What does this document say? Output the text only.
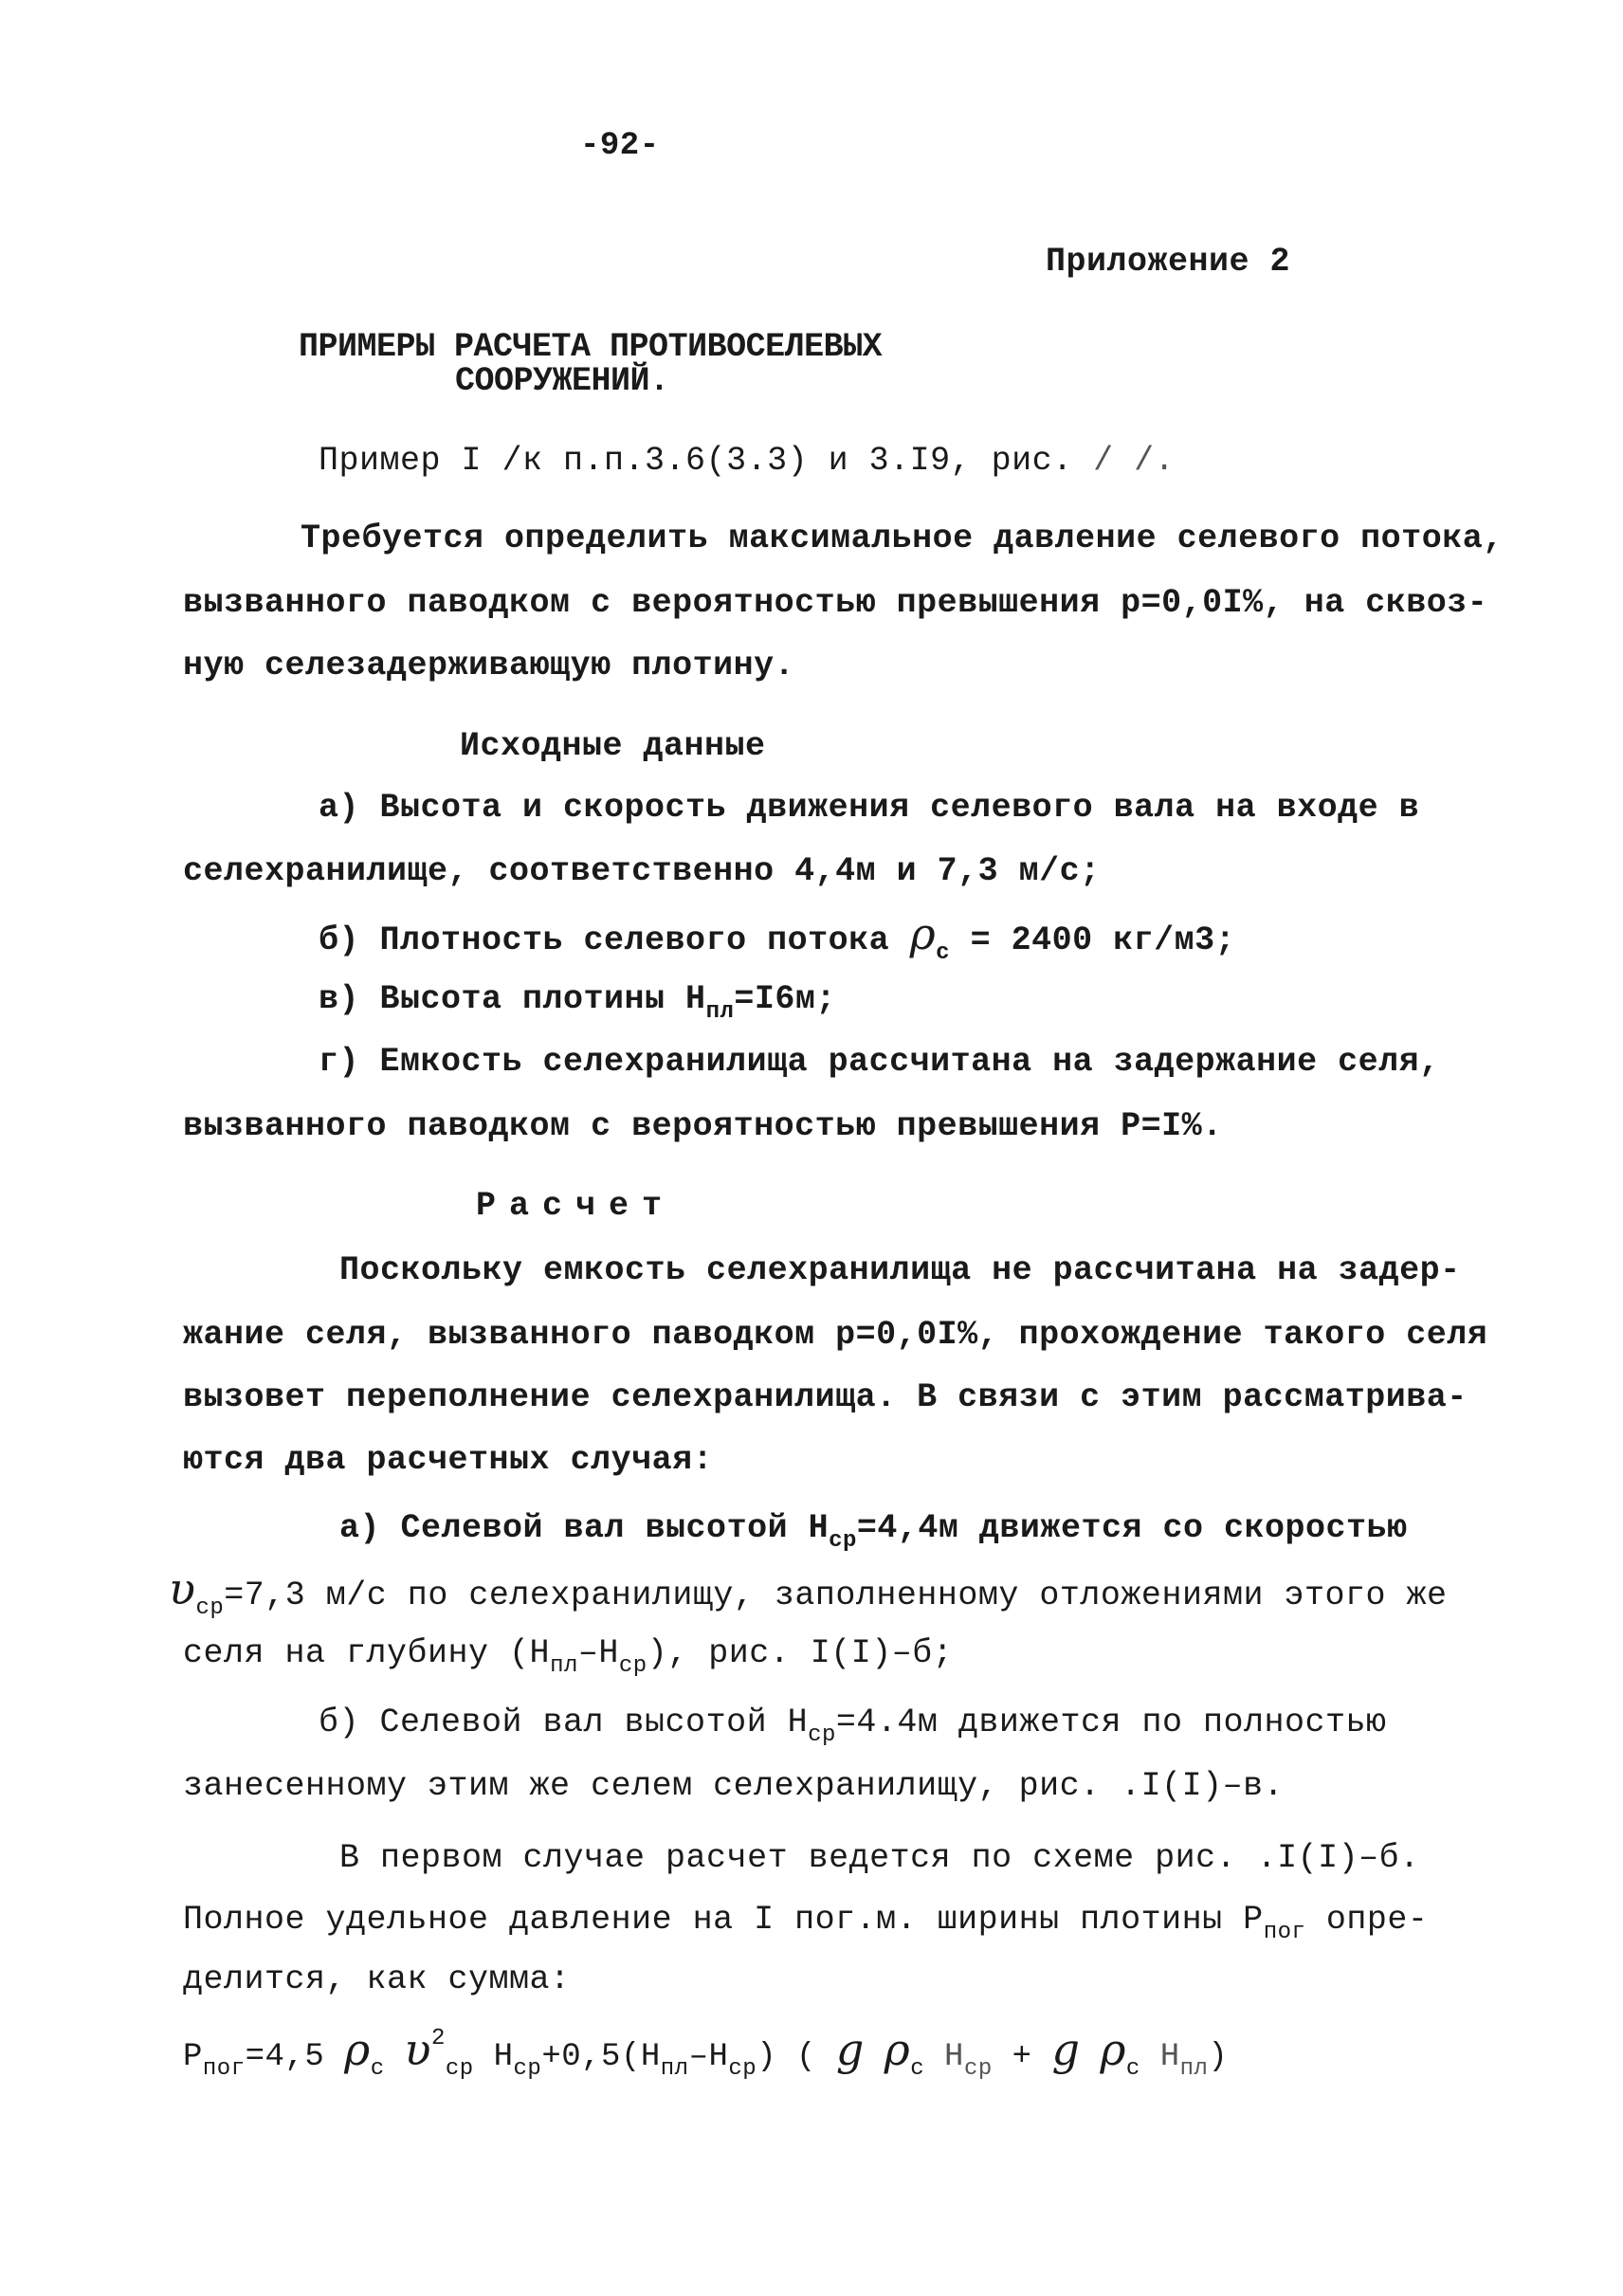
-92-
Приложение 2
ПРИМЕРЫ РАСЧЕТА ПРОТИВОСЕЛЕВЫХ
СООРУЖЕНИЙ.
Пример I /к п.п.3.6(3.3) и 3.I9, рис. / /.
Требуется определить максимальное давление селевого потока,
вызванного паводком с вероятностью превышения р=0,0I%, на сквоз-
ную селезадерживающую плотину.
Исходные данные
а) Высота и скорость движения селевого вала на входе в
селехранилище, соответственно 4,4м и 7,3 м/с;
б) Плотность селевого потока $\rho_с = 2400$ кг/м3;
в) Высота плотины $Н_{пл}=I6м$;
г) Емкость селехранилища рассчитана на задержание селя,
вызванного паводком с вероятностью превышения Р=I%.
Расчет
Поскольку емкость селехранилища не рассчитана на задер-
жание селя, вызванного паводком р=0,0I%, прохождение такого селя
вызовет переполнение селехранилища. В связи с этим рассматрива-
ются два расчетных случая:
а) Селевой вал высотой $Н_{ср}=4,4м$ движется со скоростью
$\upsilon_{ср}=7,3$ м/с по селехранилищу, заполненному отложениями этого же
селя на глубину $(Н_{пл}-Н_{ср})$, рис. I(I)–б;
б) Селевой вал высотой $Н_{ср}=4.4м$ движется по полностью
занесенному этим же селем селехранилищу, рис. .I(I)–в.
В первом случае расчет ведется по схеме рис. .I(I)–б.
Полное удельное давление на I пог.м. ширины плотины $Р_{пог}$ опре-
делится, как сумма:
$Р_{пог}=4,5$ $\rho_с$ $\upsilon^2_{ср}$ $Н_{ср}+0,5(Н_{пл}-Н_{ср})$ ( g $\rho_с$ $Н_{ср} + g$ $\rho_с$ $Н_{пл}$)
